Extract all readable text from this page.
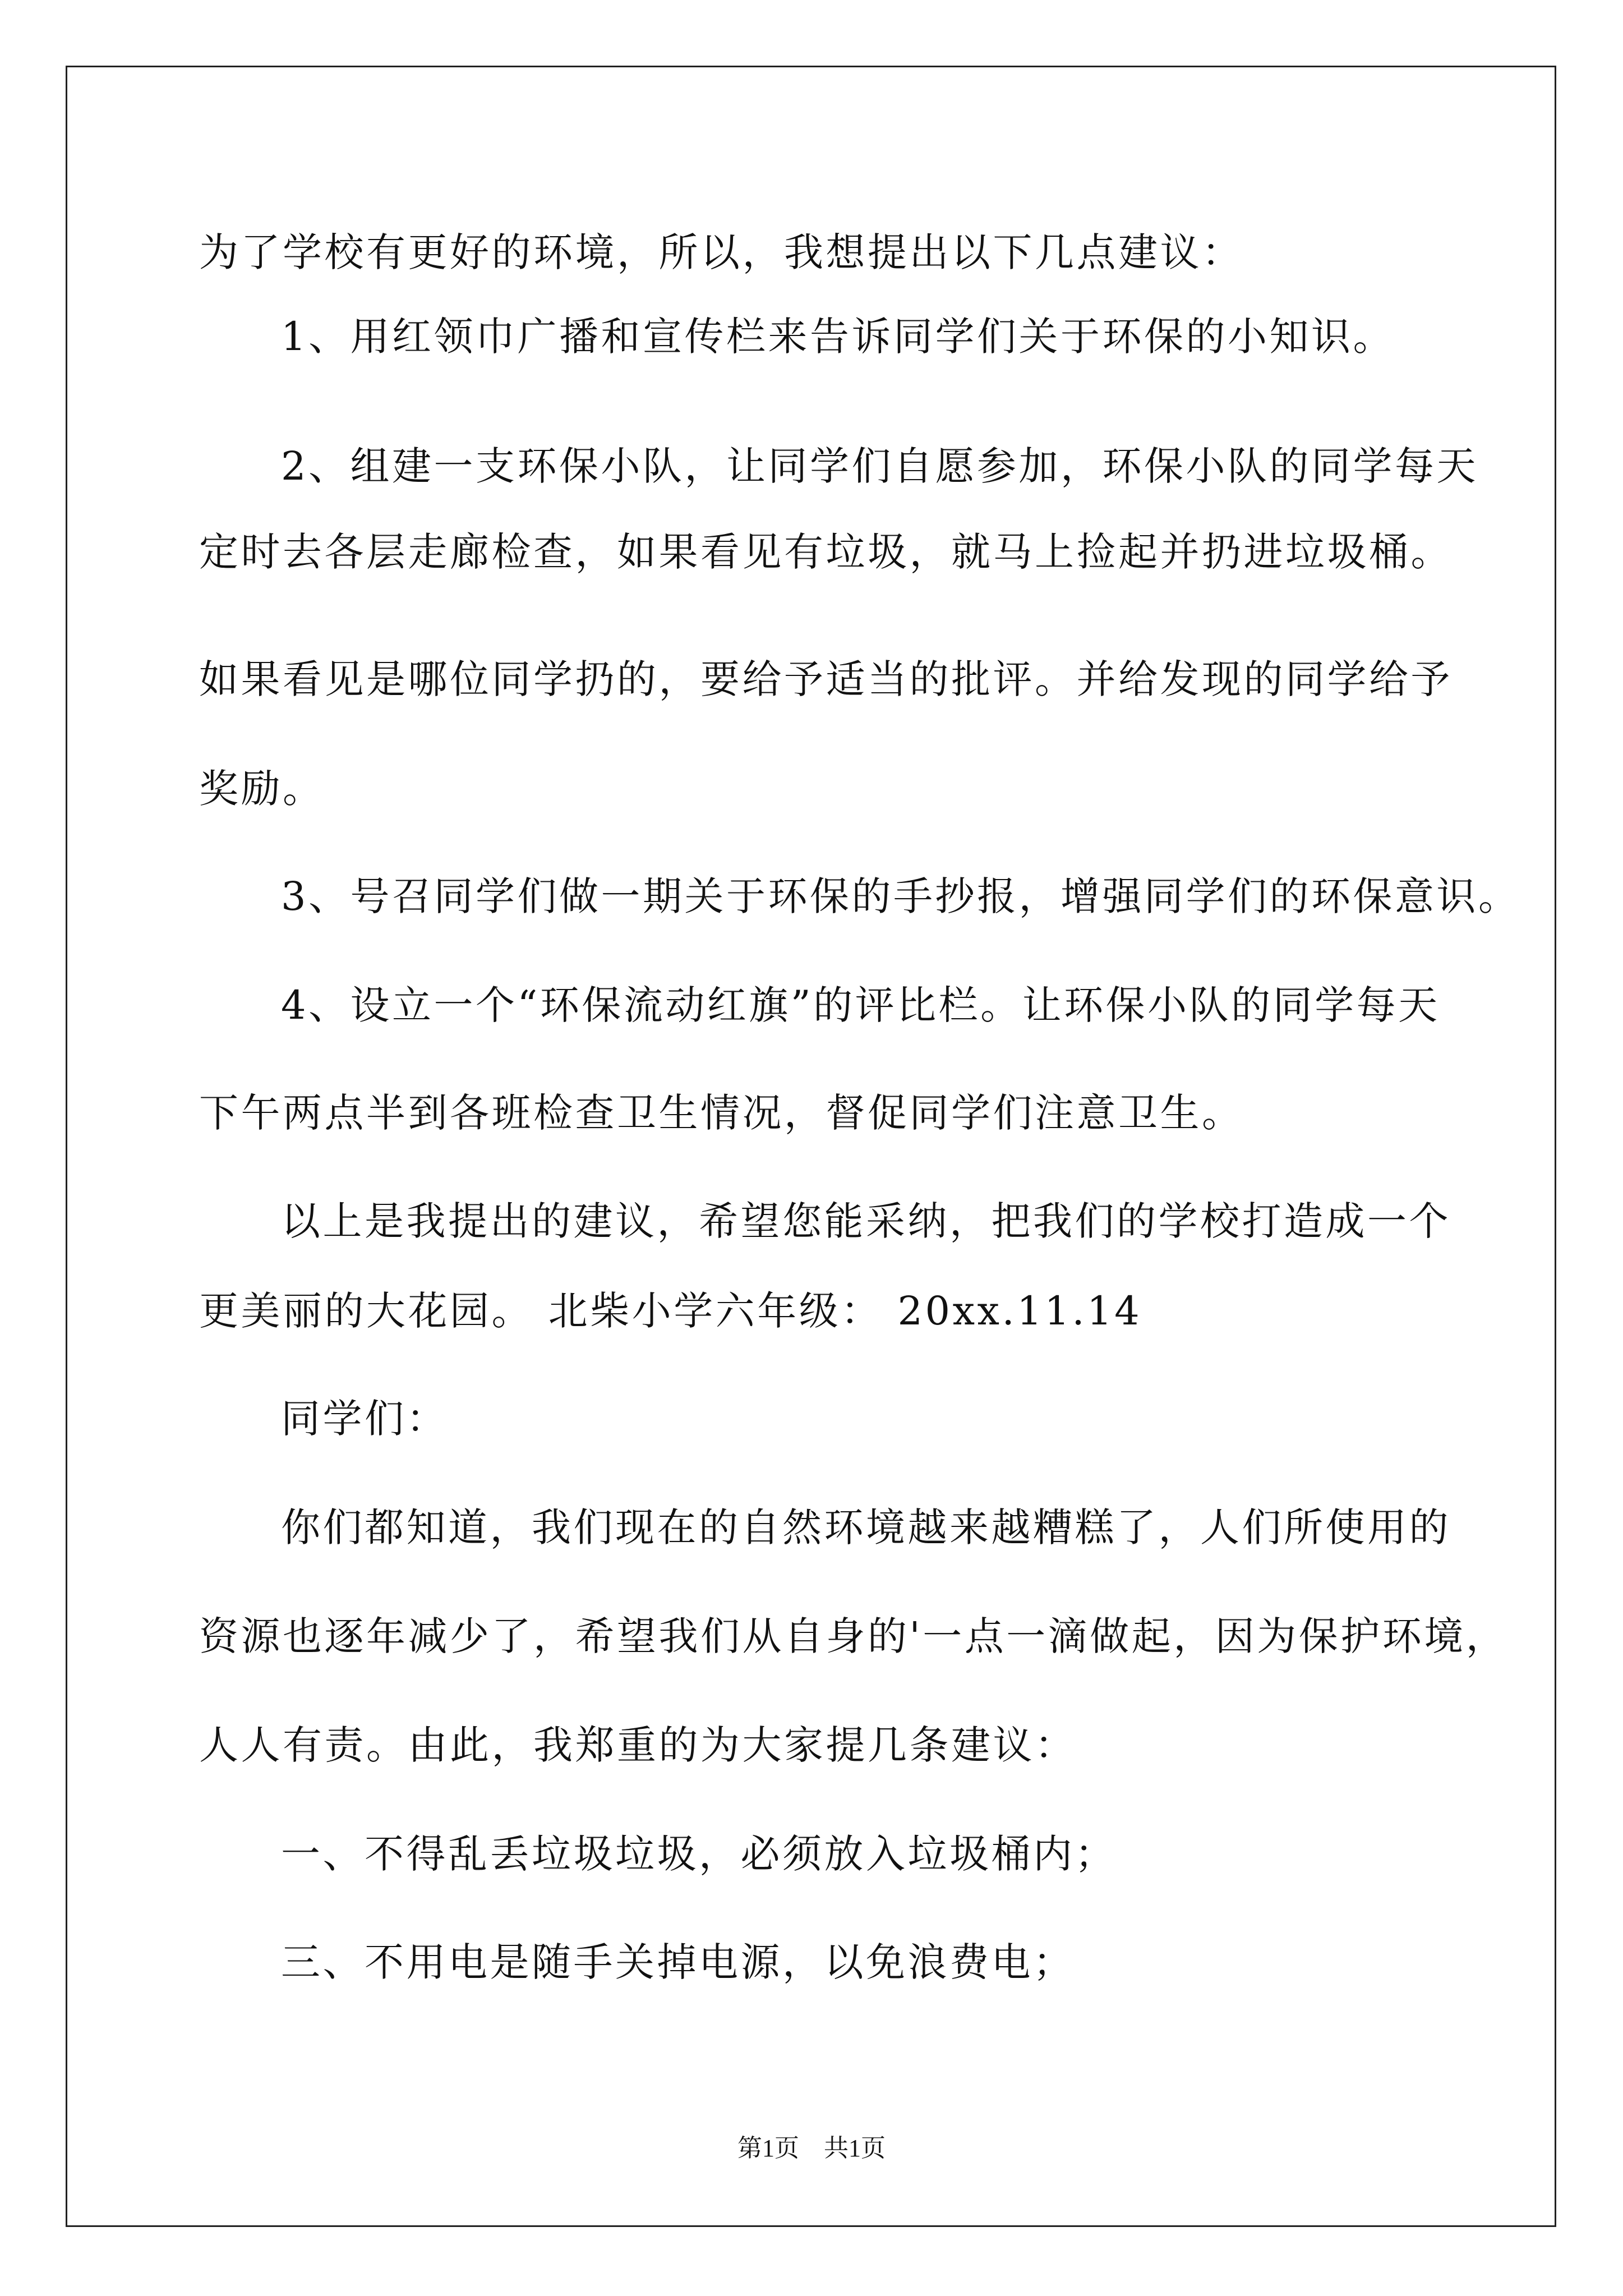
为了学校有更好的环境，所以，我想提出以下几点建议：
1、用红领巾广播和宣传栏来告诉同学们关于环保的小知识。
2、组建一支环保小队，让同学们自愿参加，环保小队的同学每天
定时去各层走廊检查，如果看见有垃圾，就马上捡起并扔进垃圾桶。
如果看见是哪位同学扔的，要给予适当的批评。并给发现的同学给予
奖励。
3、号召同学们做一期关于环保的手抄报，增强同学们的环保意识。
4、设立一个“环保流动红旗”的评比栏。让环保小队的同学每天
下午两点半到各班检查卫生情况，督促同学们注意卫生。
以上是我提出的建议，希望您能采纳，把我们的学校打造成一个
更美丽的大花园。 北柴小学六年级： 20xx.11.14
同学们：
你们都知道，我们现在的自然环境越来越糟糕了，人们所使用的
资源也逐年减少了，希望我们从自身的'一点一滴做起，因为保护环境，
人人有责。由此，我郑重的为大家提几条建议：
一、不得乱丢垃圾垃圾，必须放入垃圾桶内；
三、不用电是随手关掉电源，以免浪费电；
第1页　共1页
